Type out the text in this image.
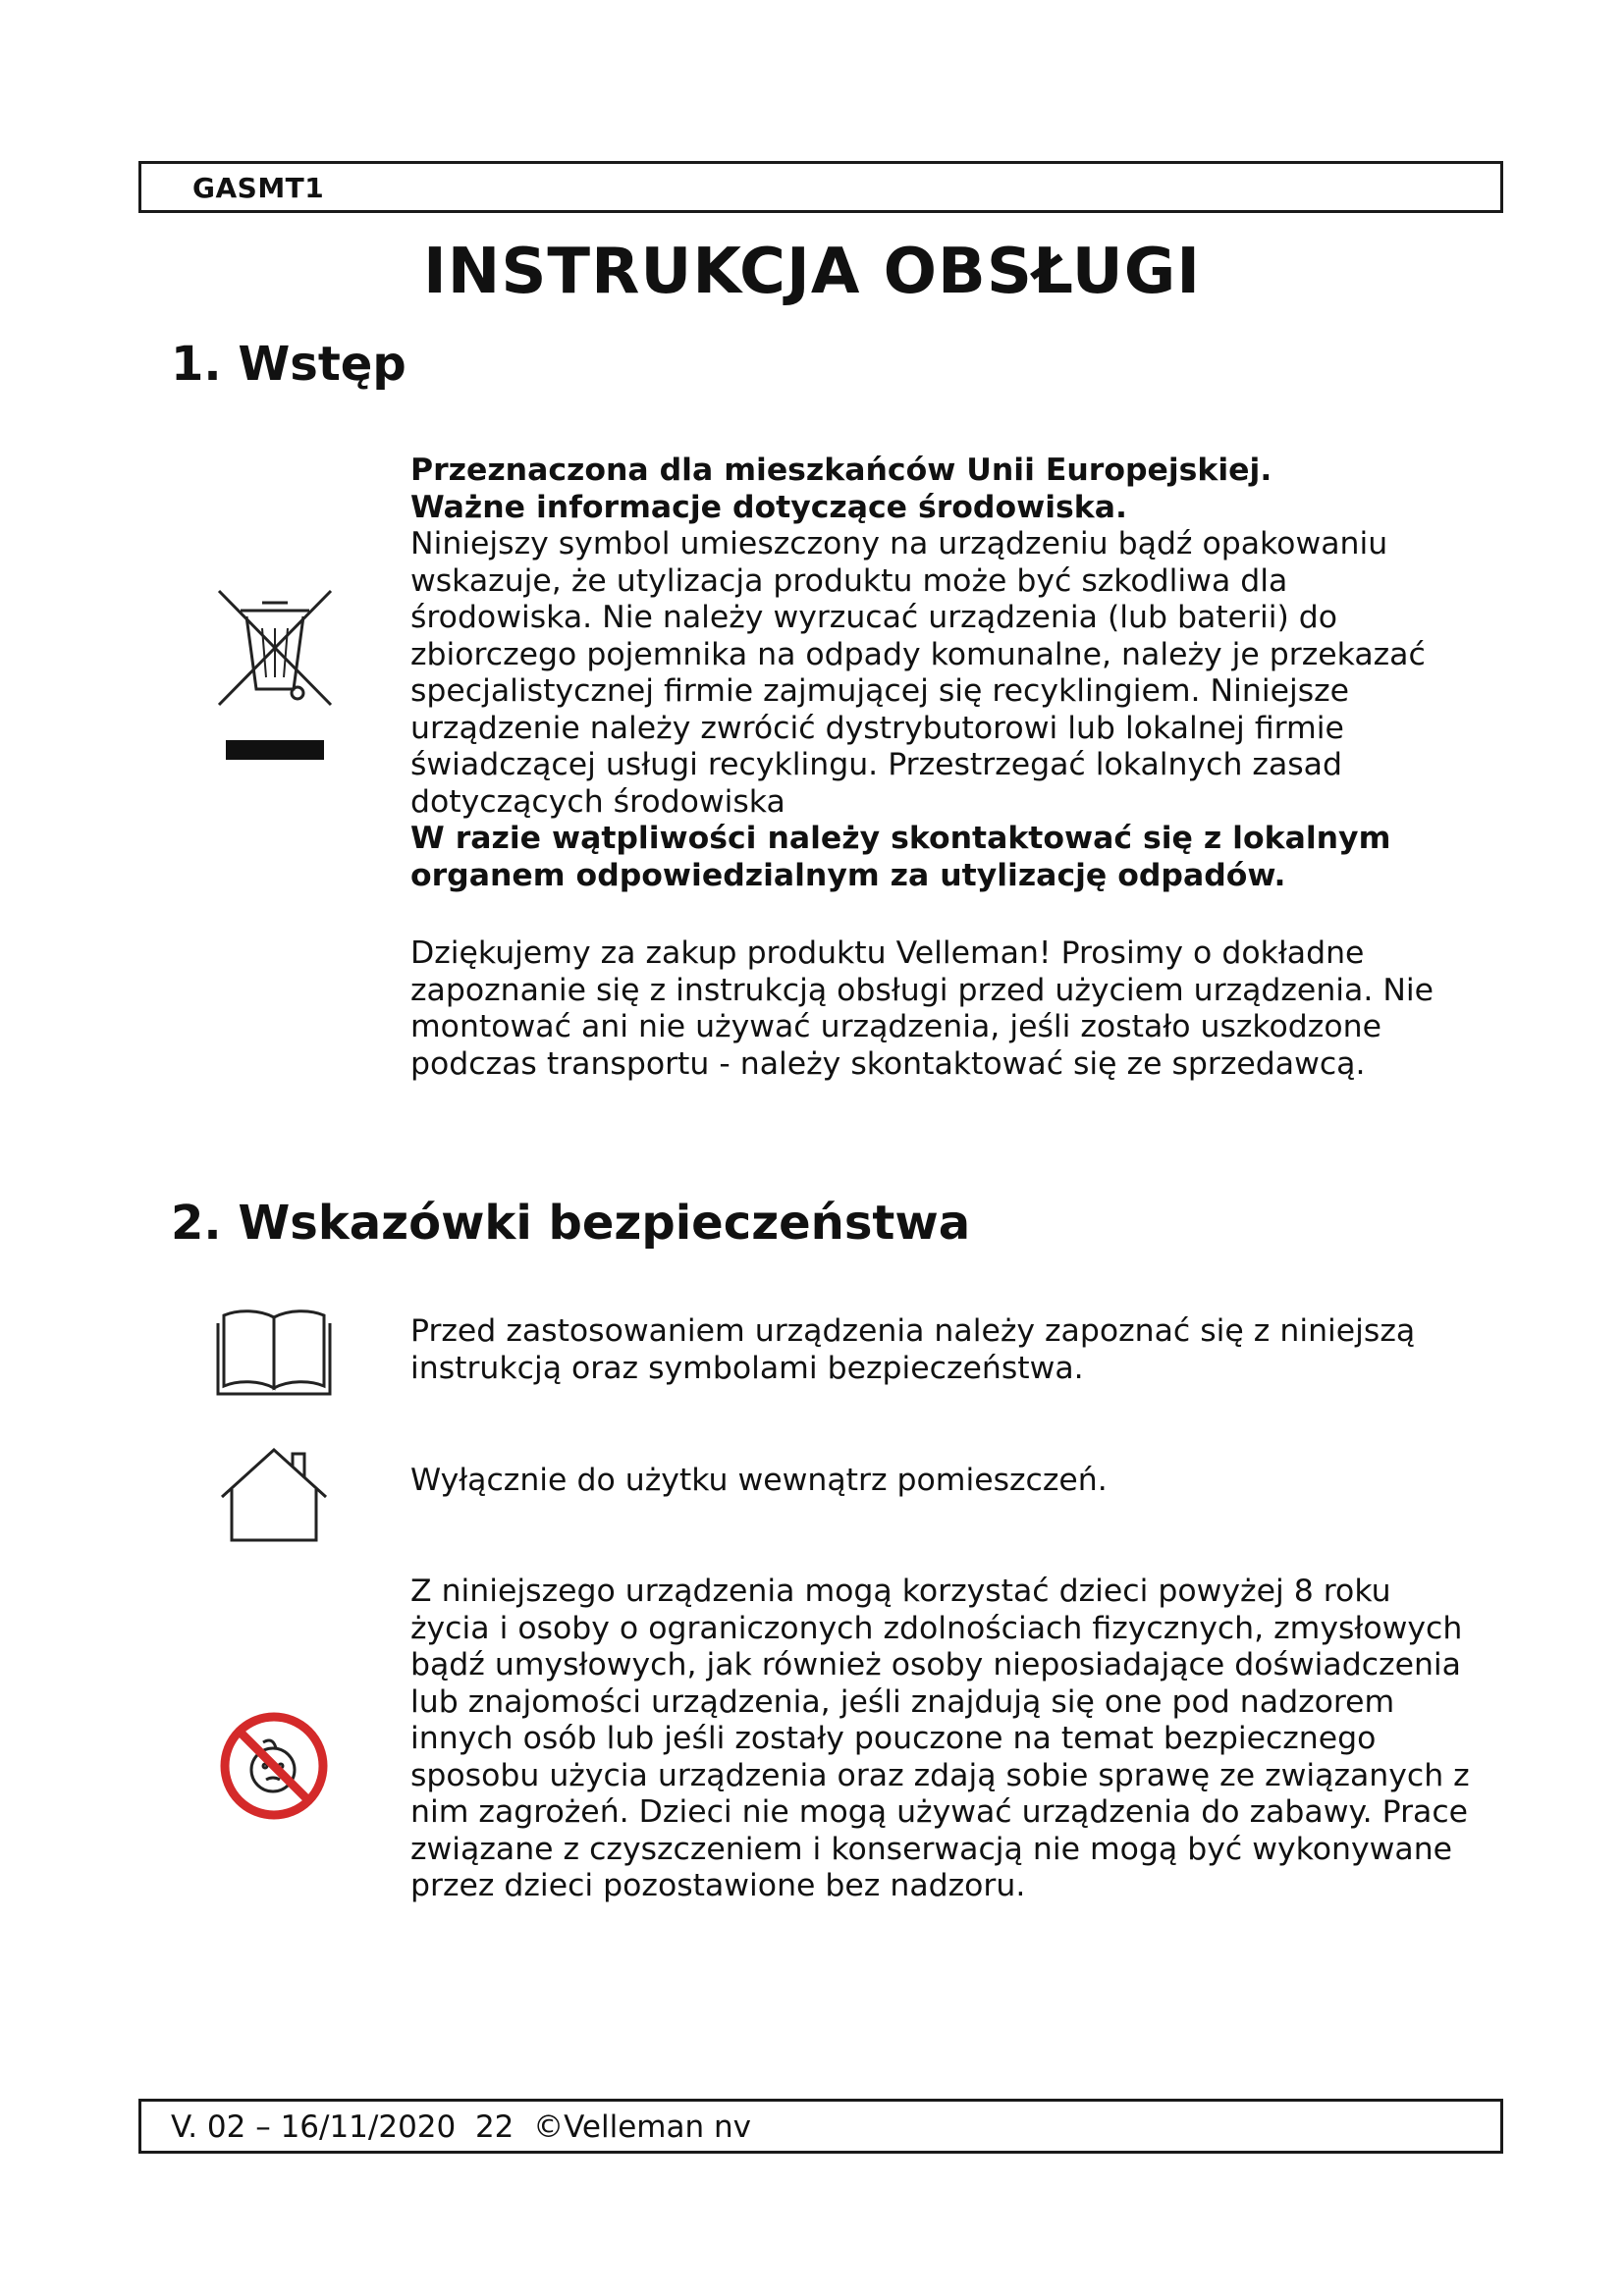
GASMT1
INSTRUKCJA OBSŁUGI
1. Wstęp
Przeznaczona dla mieszkańców Unii Europejskiej.
Ważne informacje dotyczące środowiska.
Niniejszy symbol umieszczony na urządzeniu bądź opakowaniu wskazuje, że utylizacja produktu może być szkodliwa dla środowiska. Nie należy wyrzucać urządzenia (lub baterii) do zbiorczego pojemnika na odpady komunalne, należy je przekazać specjalistycznej firmie zajmującej się recyklingiem. Niniejsze urządzenie należy zwrócić dystrybutorowi lub lokalnej firmie świadczącej usługi recyklingu. Przestrzegać lokalnych zasad dotyczących środowiska
W razie wątpliwości należy skontaktować się z lokalnym organem odpowiedzialnym za utylizację odpadów.

Dziękujemy za zakup produktu Velleman! Prosimy o dokładne zapoznanie się z instrukcją obsługi przed użyciem urządzenia. Nie montować ani nie używać urządzenia, jeśli zostało uszkodzone podczas transportu - należy skontaktować się ze sprzedawcą.

2. Wskazówki bezpieczeństwa

Przed zastosowaniem urządzenia należy zapoznać się z niniejszą instrukcją oraz symbolami bezpieczeństwa.

Wyłącznie do użytku wewnątrz pomieszczeń.

Z niniejszego urządzenia mogą korzystać dzieci powyżej 8 roku życia i osoby o ograniczonych zdolnościach fizycznych, zmysłowych bądź umysłowych, jak również osoby nieposiadające doświadczenia lub znajomości urządzenia, jeśli znajdują się one pod nadzorem innych osób lub jeśli zostały pouczone na temat bezpiecznego sposobu użycia urządzenia oraz zdają sobie sprawę ze związanych z nim zagrożeń. Dzieci nie mogą używać urządzenia do zabawy. Prace związane z czyszczeniem i konserwacją nie mogą być wykonywane przez dzieci pozostawione bez nadzoru.

V. 02 – 16/11/2020  22  ©Velleman nv
